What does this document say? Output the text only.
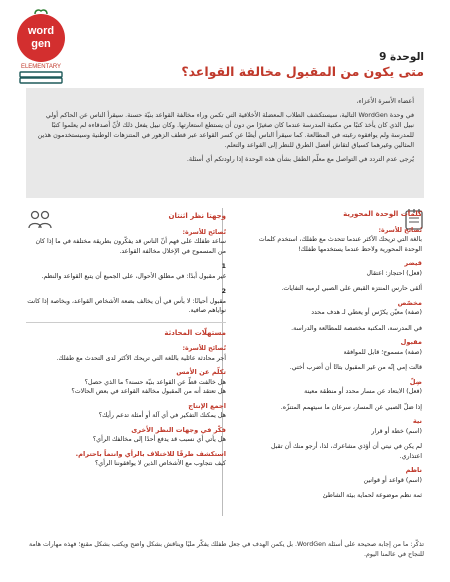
word
gen
ELEMENTARY
الوحدة 9
متى يكون من المقبول مخالفة القواعد؟

أعضاء الأسرة الأعزاء،

في وحدة WordGen التالية، سيستكشف الطلاب المعضلة الأخلاقية التي تكمن وراء مخالفة القواعد بنيّة حسنة. سيقرأ الناس عن الحاكم أولي نبيل الذي كان يأخذ كتبًا من مكتبة المدرسة عندما كان صغيرًا من دون أن يستطع استعارتها. وكان نبيل يفعل ذلك لأنّ أصدقاءه لم يعلموا كتبًا للمدرسة ولم يوافقوه رغبته في المطالعة. كما سيقرأ الناس أيضًا عن كسر القواعد عبر قطف الزهور في المتنزهات الوطنية وسيستخدمون هذين المثالين وغيرهما كسياق لتقاش أفضل الطرق للنظر إلى القواعد والتعلم.

يُرجى عدم التردد في التواصل مع معلّم الطفل بشأن هذه الوحدة إذا راودتكم أي أسئلة.

كلمات الوحدة المحورية
نُصائح للأسرة:
بالغة التي تريحك الأكثر عندما تتحدث مع طفلك، استخدم كلمات الوحدة المحورية ولاحظ عندما يستخدمها طفلك!
قيضر
(فعل) احتجاز: اعتقال
ألقى حارس المنتزه القبض على الصبي لرميه النفايات.
مخصّص
(صفة) معيّن يكرّس أو يعطي لـ هدف محدد
في المدرسة، المكتبة مخصصة للمطالعة والدراسة.
مقبول
(صفة) مسموح؛ قابل للموافقة
قالت إمي إنّه من غير المقبول بتاتًا أن أضرب أختي.
ضِلّ
(فعل) الابتعاد عن مسار محدد أو منطقة معينة
إذا ضلّ الصبي عن المسار، سرعان ما سيتهمم المتنزّه.
نية
(اسم) خطة أو قرار
لم يكن في نيتي أن أؤذي مشاعرك، لذا، أرجو منك أن تقبل اعتذاري.
ناظم
(اسم) قواعد أو قوانين
ثمة نظم موضوعة لحماية بيئة الشاطئ
وجهتا نظر اثنتان
نُصائح للأسرة:
ساعد طفلك على فهم أنّ الناس قد يفكّرون بطريقة مختلفة في ما إذا كان من المسموح في الإخلال مخالفة القواعد.
1
غير مقبول أبدًا: في مطلق الأحوال، على الجميع أن يتبع القواعد والنظم.
2
مقبول أحيانًا: لا بأس في أن يخالف بضعة الأشخاص القواعد، وبخاصة إذا كانت نواياهم صافية.
مستهلّات المحادثة
نُصائح للأسرة:
أجر محادثة عائلية باللغة التي تريحك الأكثر لدى التحدث مع طفلك.
تكلّم عن الأمس
هل خالفت قطّ عن القواعد بنيّة حسنة؟ ما الذي حصل؟
هل تعتقد أنه من المقبول مخالفة القواعد في بعض الحالات؟
اجمع الإنتاج
هل يمكنك التفكير في أي آلة أو أمثلة تدعم رأيك؟
فكّر في وجهات النظر الأخرى
هل يأتي أي نسبب قد يدفع أحدًا إلى مخالفك الرأي؟
استكشف طرقًا للاختلاف بالرأي وانتماً باحترام.
كيف نتجاوب مع الأشخاص الذين لا يوافقوننا الرأي؟
تذكّر: ما من إجابة صحيحة على أسئلة WordGen. بل يكمن الهدف في جعل طفلك يفكّر مليًا ويناقش بشكل واضح ويكتب بشكل مقنع؛ فهذه مهارات هامة للنجاح في عالمنا اليوم.
